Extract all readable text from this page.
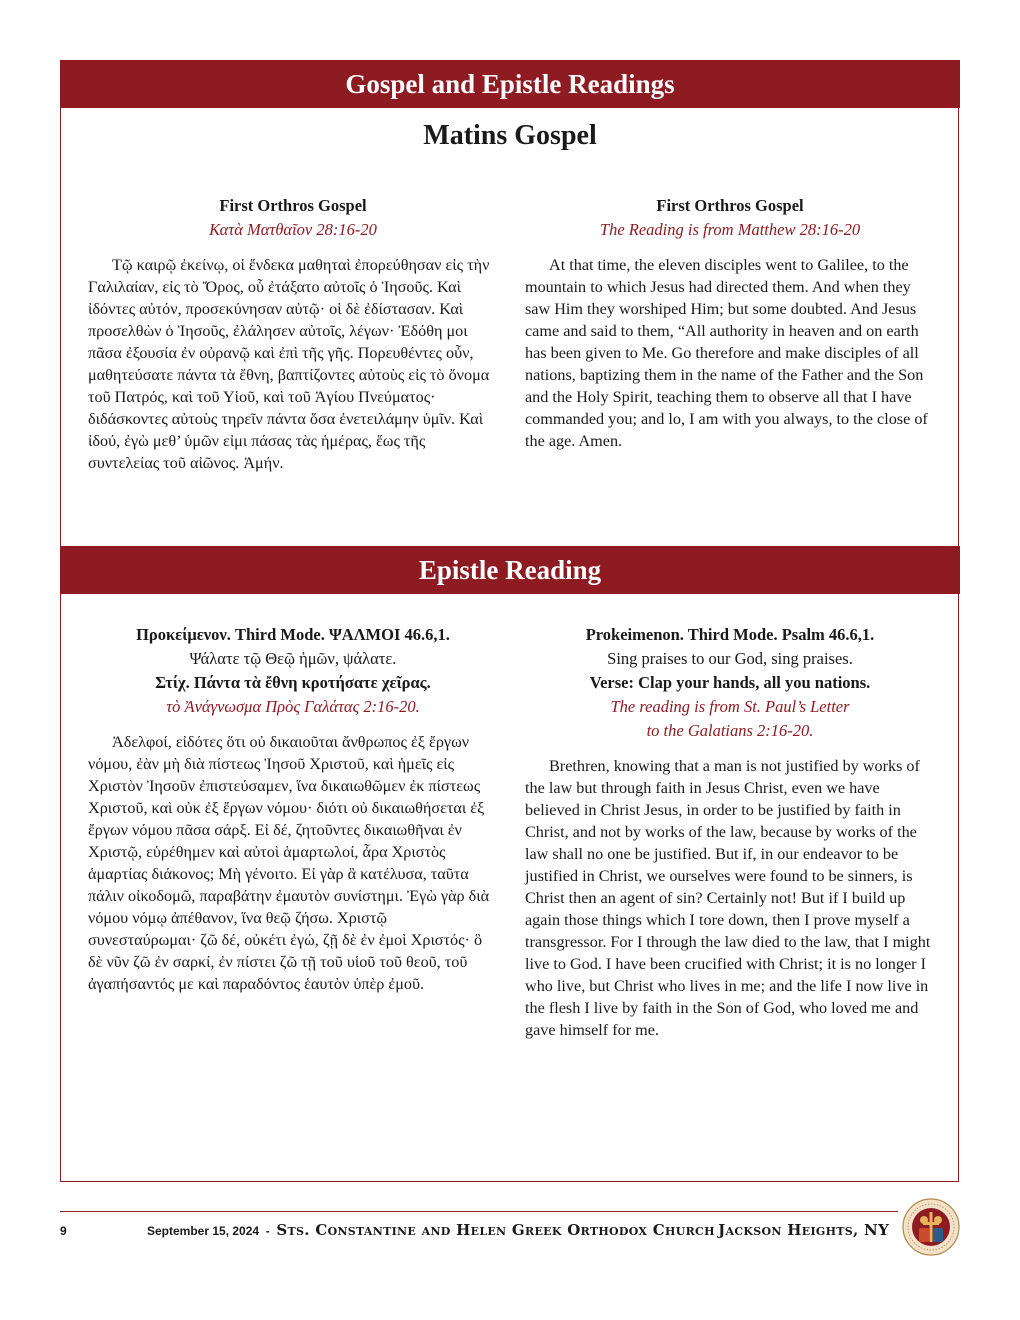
Gospel and Epistle Readings
Matins Gospel
First Orthros Gospel
Κατὰ Ματθαῖον 28:16-20
Τῷ καιρῷ ἐκείνῳ, οἱ ἕνδεκα μαθηταὶ ἐπορεύθησαν εἰς τὴν Γαλιλαίαν, εἰς τὸ Ὄρος, οὗ ἐτάξατο αὐτοῖς ὁ Ἰησοῦς. Καὶ ἰδόντες αὐτόν, προσεκύνησαν αὐτῷ· οἱ δὲ ἐδίστασαν. Καὶ προσελθὼν ὁ Ἰησοῦς, ἐλάλησεν αὐτοῖς, λέγων· Ἐδόθη μοι πᾶσα ἐξουσία ἐν οὐρανῷ καὶ ἐπὶ τῆς γῆς. Πορευθέντες οὖν, μαθητεύσατε πάντα τὰ ἔθνη, βαπτίζοντες αὐτοὺς εἰς τὸ ὄνομα τοῦ Πατρός, καὶ τοῦ Υἱοῦ, καὶ τοῦ Ἁγίου Πνεύματος· διδάσκοντες αὐτοὺς τηρεῖν πάντα ὅσα ἐνετειλάμην ὑμῖν. Καὶ ἰδού, ἐγὼ μεθ’ ὑμῶν εἰμι πάσας τὰς ἡμέρας, ἕως τῆς συντελείας τοῦ αἰῶνος. Ἀμήν.
First Orthros Gospel
The Reading is from Matthew 28:16-20
At that time, the eleven disciples went to Galilee, to the mountain to which Jesus had directed them. And when they saw Him they worshiped Him; but some doubted. And Jesus came and said to them, “All authority in heaven and on earth has been given to Me. Go therefore and make disciples of all nations, baptizing them in the name of the Father and the Son and the Holy Spirit, teaching them to observe all that I have commanded you; and lo, I am with you always, to the close of the age. Amen.
Epistle Reading
Προκείμενον. Third Mode. ΨΑΛΜΟΙ 46.6,1.
Ψάλατε τῷ Θεῷ ἡμῶν, ψάλατε.
Στίχ. Πάντα τὰ ἔθνη κροτήσατε χεῖρας.
τὸ Ἀνάγνωσμα Πρὸς Γαλάτας 2:16-20.
Ἀδελφοί, εἰδότες ὅτι οὐ δικαιοῦται ἄνθρωπος ἐξ ἔργων νόμου, ἐὰν μὴ διὰ πίστεως Ἰησοῦ Χριστοῦ, καὶ ἡμεῖς εἰς Χριστὸν Ἰησοῦν ἐπιστεύσαμεν, ἵνα δικαιωθῶμεν ἐκ πίστεως Χριστοῦ, καὶ οὐκ ἐξ ἔργων νόμου· διότι οὐ δικαιωθήσεται ἐξ ἔργων νόμου πᾶσα σάρξ. Εἰ δέ, ζητοῦντες δικαιωθῆναι ἐν Χριστῷ, εὑρέθημεν καὶ αὐτοὶ ἁμαρτωλοί, ἆρα Χριστὸς ἁμαρτίας διάκονος; Μὴ γένοιτο. Εἰ γὰρ ἃ κατέλυσα, ταῦτα πάλιν οἰκοδομῶ, παραβάτην ἐμαυτὸν συνίστημι. Ἐγὼ γὰρ διὰ νόμου νόμῳ ἀπέθανον, ἵνα θεῷ ζήσω. Χριστῷ συνεσταύρωμαι· ζῶ δέ, οὐκέτι ἐγώ, ζῇ δὲ ἐν ἐμοὶ Χριστός· ὃ δὲ νῦν ζῶ ἐν σαρκί, ἐν πίστει ζῶ τῇ τοῦ υἱοῦ τοῦ θεοῦ, τοῦ ἀγαπήσαντός με καὶ παραδόντος ἑαυτὸν ὑπὲρ ἐμοῦ.
Prokeimenon. Third Mode. Psalm 46.6,1.
Sing praises to our God, sing praises.
Verse: Clap your hands, all you nations.
The reading is from St. Paul’s Letter
to the Galatians 2:16-20.
Brethren, knowing that a man is not justified by works of the law but through faith in Jesus Christ, even we have believed in Christ Jesus, in order to be justified by faith in Christ, and not by works of the law, because by works of the law shall no one be justified. But if, in our endeavor to be justified in Christ, we ourselves were found to be sinners, is Christ then an agent of sin? Certainly not! But if I build up again those things which I tore down, then I prove myself a transgressor. For I through the law died to the law, that I might live to God. I have been crucified with Christ; it is no longer I who live, but Christ who lives in me; and the life I now live in the flesh I live by faith in the Son of God, who loved me and gave himself for me.
9	September 15, 2024 - Sts. Constantine and Helen Greek Orthodox Church Jackson Heights, NY
